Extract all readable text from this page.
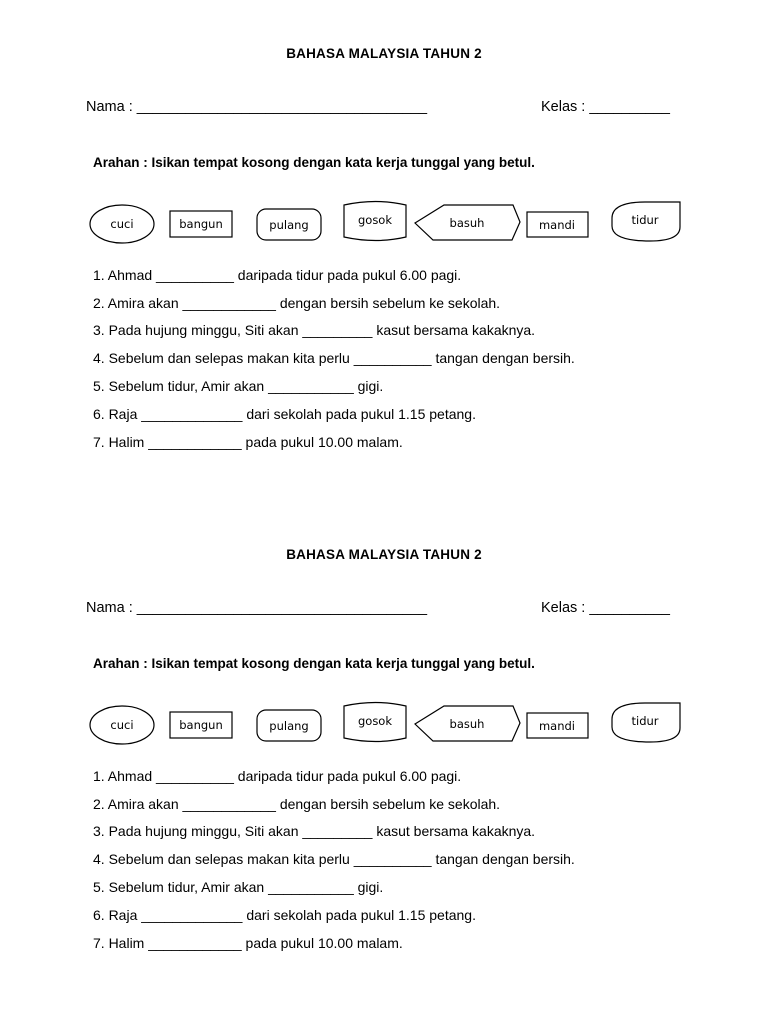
BAHASA MALAYSIA TAHUN 2
Nama : ____________________________________	Kelas : __________
Arahan : Isikan tempat kosong dengan kata kerja tunggal yang betul.
cuci	bangun	pulang	gosok	basuh	mandi	tidur
1. Ahmad __________ daripada tidur pada pukul 6.00 pagi.
2. Amira akan ____________ dengan bersih sebelum ke sekolah.
3. Pada hujung minggu, Siti akan _________ kasut bersama kakaknya.
4. Sebelum dan selepas makan kita perlu __________ tangan dengan bersih.
5. Sebelum tidur, Amir akan ___________ gigi.
6. Raja _____________ dari sekolah pada pukul 1.15 petang.
7. Halim ____________ pada pukul 10.00 malam.
BAHASA MALAYSIA TAHUN 2
Nama : ____________________________________	Kelas : __________
Arahan : Isikan tempat kosong dengan kata kerja tunggal yang betul.
cuci	bangun	pulang	gosok	basuh	mandi	tidur
1. Ahmad __________ daripada tidur pada pukul 6.00 pagi.
2. Amira akan ____________ dengan bersih sebelum ke sekolah.
3. Pada hujung minggu, Siti akan _________ kasut bersama kakaknya.
4. Sebelum dan selepas makan kita perlu __________ tangan dengan bersih.
5. Sebelum tidur, Amir akan ___________ gigi.
6. Raja _____________ dari sekolah pada pukul 1.15 petang.
7. Halim ____________ pada pukul 10.00 malam.
